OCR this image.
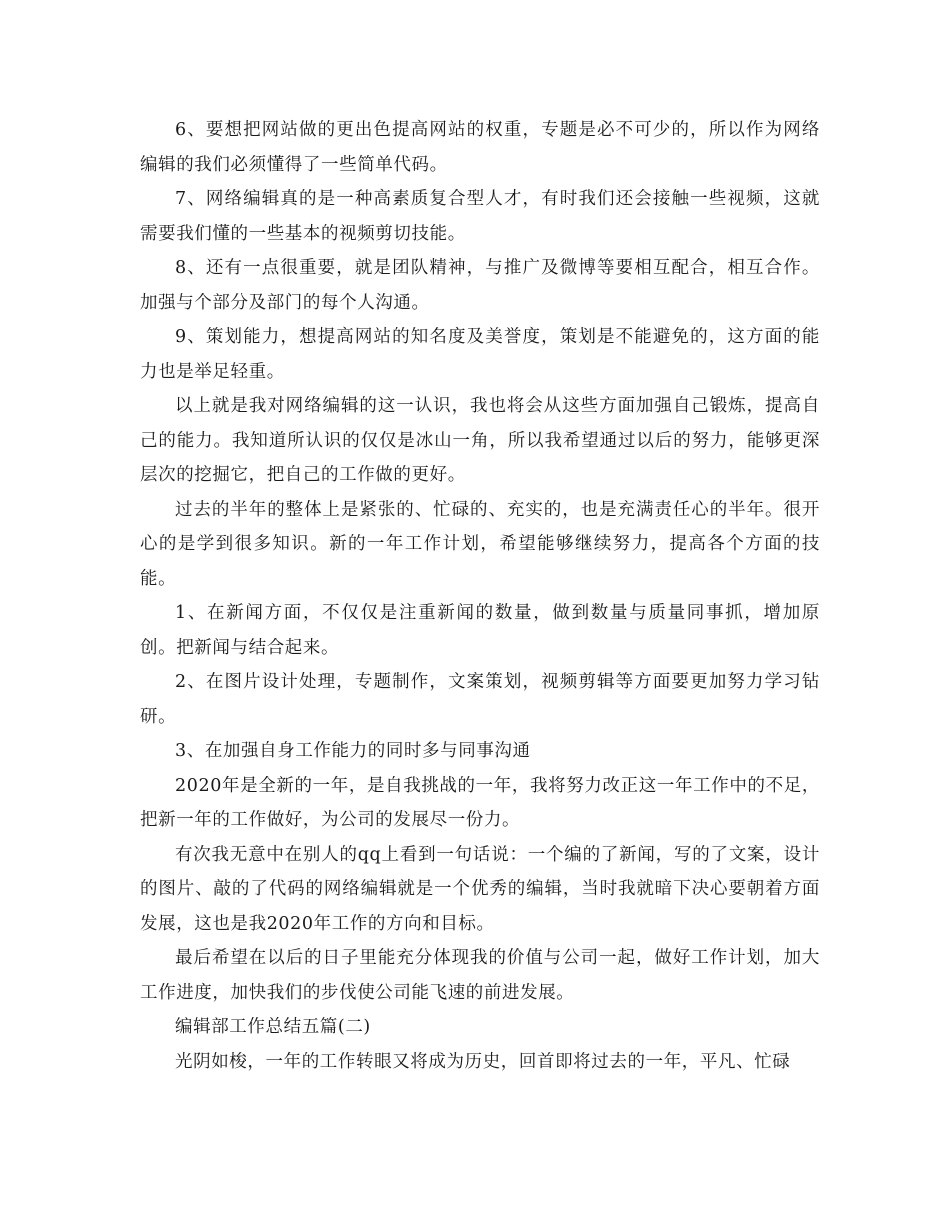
6、要想把网站做的更出色提高网站的权重，专题是必不可少的，所以作为网络编辑的我们必须懂得了一些简单代码。

7、网络编辑真的是一种高素质复合型人才，有时我们还会接触一些视频，这就需要我们懂的一些基本的视频剪切技能。

8、还有一点很重要，就是团队精神，与推广及微博等要相互配合，相互合作。加强与个部分及部门的每个人沟通。

9、策划能力，想提高网站的知名度及美誉度，策划是不能避免的，这方面的能力也是举足轻重。

以上就是我对网络编辑的这一认识，我也将会从这些方面加强自己锻炼，提高自己的能力。我知道所认识的仅仅是冰山一角，所以我希望通过以后的努力，能够更深层次的挖掘它，把自己的工作做的更好。

过去的半年的整体上是紧张的、忙碌的、充实的，也是充满责任心的半年。很开心的是学到很多知识。新的一年工作计划，希望能够继续努力，提高各个方面的技能。

1、在新闻方面，不仅仅是注重新闻的数量，做到数量与质量同事抓，增加原创。把新闻与结合起来。

2、在图片设计处理，专题制作，文案策划，视频剪辑等方面要更加努力学习钻研。

3、在加强自身工作能力的同时多与同事沟通

2020年是全新的一年，是自我挑战的一年，我将努力改正这一年工作中的不足，把新一年的工作做好，为公司的发展尽一份力。

有次我无意中在别人的qq上看到一句话说：一个编的了新闻，写的了文案，设计的图片、敲的了代码的网络编辑就是一个优秀的编辑，当时我就暗下决心要朝着方面发展，这也是我2020年工作的方向和目标。

最后希望在以后的日子里能充分体现我的价值与公司一起，做好工作计划，加大工作进度，加快我们的步伐使公司能飞速的前进发展。

编辑部工作总结五篇(二)

光阴如梭，一年的工作转眼又将成为历史，回首即将过去的一年，平凡、忙碌
